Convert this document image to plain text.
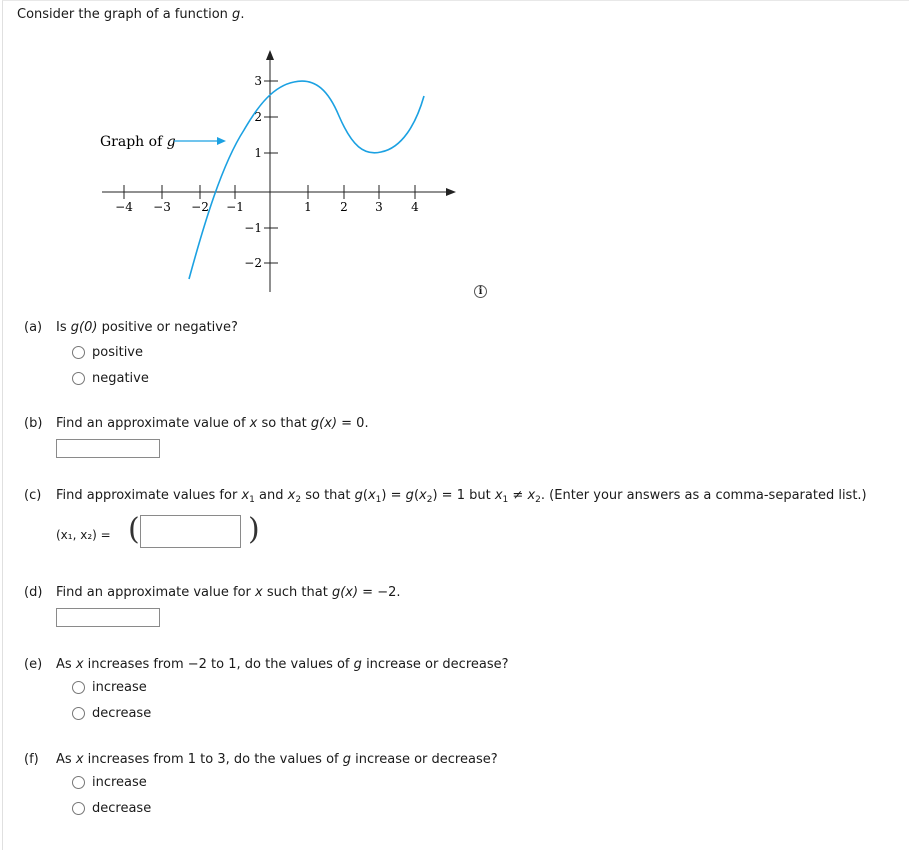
Consider the graph of a function g.
−4 −3 −2 −1	1 2 3 4
3
2
1
−1
−2
Graph of g
i
(a) Is g(0) positive or negative?
positive
negative
(b) Find an approximate value of x so that g(x) = 0.
(c) Find approximate values for $x_1$ and $x_2$ so that $g(x_1) = g(x_2) = 1$ but $x_1 \ne x_2$. (Enter your answers as a comma-separated list.)
(x₁, x₂) = (	)
(d) Find an approximate value for x such that g(x) = −2.
(e) As x increases from −2 to 1, do the values of g increase or decrease?
increase
decrease
(f) As x increases from 1 to 3, do the values of g increase or decrease?
increase
decrease
